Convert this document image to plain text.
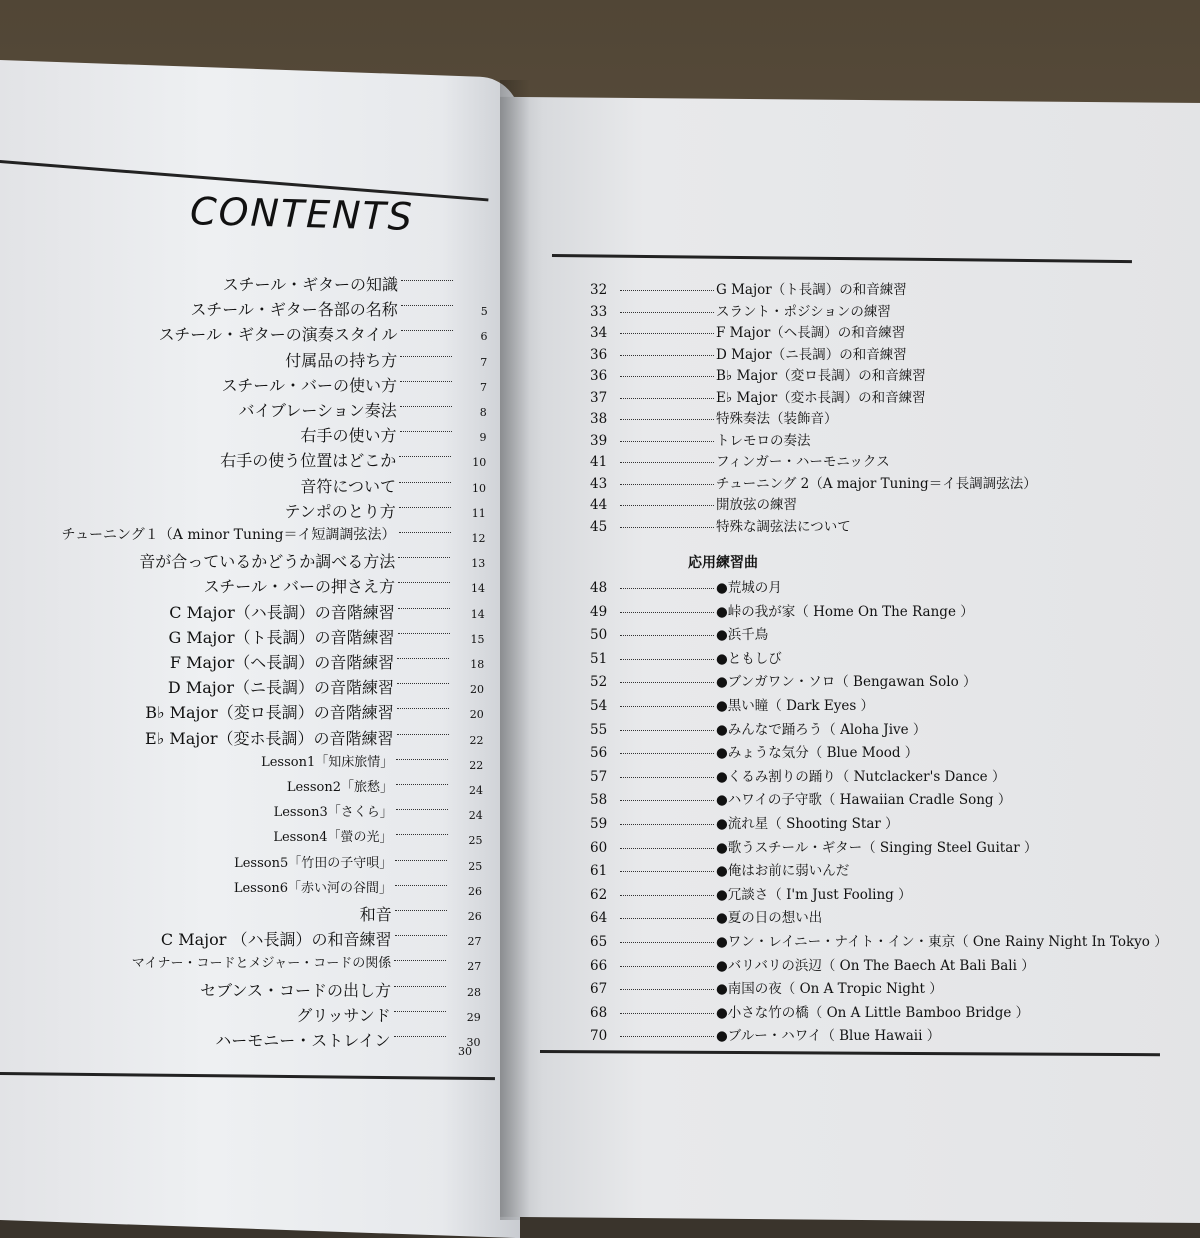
CONTENTS
スチール・ギターの知識
スチール・ギター各部の名称	5
スチール・ギターの演奏スタイル	6
付属品の持ち方	7
スチール・バーの使い方	7
バイブレーション奏法	8
右手の使い方	9
右手の使う位置はどこか	10
音符について	10
テンポのとり方	11
チューニング１（A minor Tuning＝イ短調調弦法）	12
音が合っているかどうか調べる方法	13
スチール・バーの押さえ方	14
C Major（ハ長調）の音階練習	14
G Major（ト長調）の音階練習	15
F Major（ヘ長調）の音階練習	18
D Major（ニ長調）の音階練習	20
B♭ Major（変ロ長調）の音階練習	20
E♭ Major（変ホ長調）の音階練習	22
Lesson1「知床旅情」	22
Lesson2「旅愁」	24
Lesson3「さくら」	24
Lesson4「螢の光」	25
Lesson5「竹田の子守唄」	25
Lesson6「赤い河の谷間」	26
和音	26
C Major （ハ長調）の和音練習	27
マイナー・コードとメジャー・コードの関係	27
セブンス・コードの出し方	28
グリッサンド	29
ハーモニー・ストレイン	30
30
32	G Major（ト長調）の和音練習
33	スラント・ポジションの練習
34	F Major（ヘ長調）の和音練習
36	D Major（ニ長調）の和音練習
36	B♭ Major（変ロ長調）の和音練習
37	E♭ Major（変ホ長調）の和音練習
38	特殊奏法（装飾音）
39	トレモロの奏法
41	フィンガー・ハーモニックス
43	チューニング 2（A major Tuning＝イ長調調弦法）
44	開放弦の練習
45	特殊な調弦法について
応用練習曲
48	●荒城の月
49	●峠の我が家（ Home On The Range ）
50	●浜千鳥
51	●ともしび
52	●ブンガワン・ソロ（ Bengawan Solo ）
54	●黒い瞳（ Dark Eyes ）
55	●みんなで踊ろう（ Aloha Jive ）
56	●みょうな気分（ Blue Mood ）
57	●くるみ割りの踊り（ Nutclacker's Dance ）
58	●ハワイの子守歌（ Hawaiian Cradle Song ）
59	●流れ星（ Shooting Star ）
60	●歌うスチール・ギター（ Singing Steel Guitar ）
61	●俺はお前に弱いんだ
62	●冗談さ（ I'm Just Fooling ）
64	●夏の日の想い出
65	●ワン・レイニー・ナイト・イン・東京（ One Rainy Night In Tokyo ）
66	●バリバリの浜辺（ On The Baech At Bali Bali ）
67	●南国の夜（ On A Tropic Night ）
68	●小さな竹の橋（ On A Little Bamboo Bridge ）
70	●ブルー・ハワイ（ Blue Hawaii ）
